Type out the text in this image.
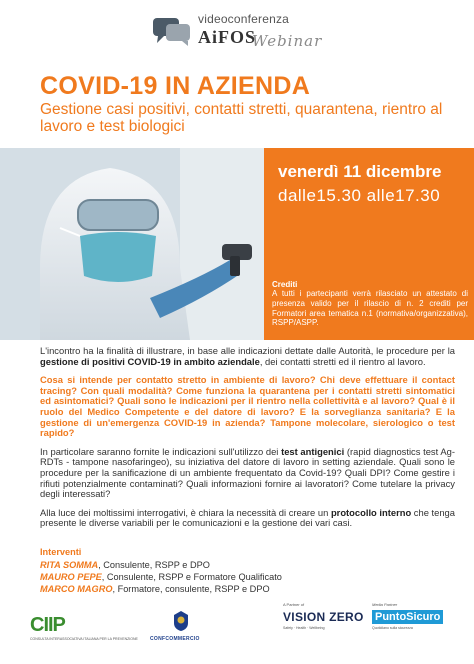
videoconferenza
AiFOS
Webinar
COVID-19 IN AZIENDA
Gestione casi positivi, contatti stretti, quarantena, rientro al lavoro e test biologici
venerdì 11 dicembre
dalle15.30 alle17.30
Crediti
A tutti i partecipanti verrà rilasciato un attestato di presenza valido per il rilascio di n. 2 crediti per Formatori area tematica n.1 (normativa/organizzativa), RSPP/ASPP.

L'incontro ha la finalità di illustrare, in base alle indicazioni dettate dalle Autorità, le procedure per la gestione di positivi COVID-19 in ambito aziendale, dei contatti stretti ed il rientro al lavoro.

Cosa si intende per contatto stretto in ambiente di lavoro? Chi deve effettuare il contact tracing? Con quali modalità? Come funziona la quarantena per i contatti stretti sintomatici ed asintomatici? Quali sono le indicazioni per il rientro nella collettività e al lavoro? Qual è il ruolo del Medico Competente e del datore di lavoro? E la sorveglianza sanitaria? E la gestione di un'emergenza COVID-19 in azienda? Tampone molecolare, sierologico o test rapido?

In particolare saranno fornite le indicazioni sull'utilizzo dei test antigenici (rapid diagnostics test Ag-RDTs - tampone nasofaringeo), su iniziativa del datore di lavoro in setting aziendale. Quali sono le procedure per la sanificazione di un ambiente frequentato da Covid-19? Quali DPI? Come gestire i rifiuti potenzialmente contaminati? Quali informazioni fornire ai lavoratori? Come tutelare la privacy degli interessati?

Alla luce dei moltissimi interrogativi, è chiara la necessità di creare un protocollo interno che tenga presente le diverse variabili per le comunicazioni e la gestione dei vari casi.

Interventi
RITA SOMMA, Consulente, RSPP e DPO
MAURO PEPE, Consulente, RSPP e Formatore Qualificato
MARCO MAGRO, Formatore, consulente, RSPP e DPO
CIIP
CONSULTA INTERASSOCIATIVA ITALIANA PER LA PREVENZIONE CONFCOMMERCIO
A Partner of
VISION ZERO
Safety · Health · Wellbeing
Media Partner
PuntoSicuro
Quotidiano sulla sicurezza
